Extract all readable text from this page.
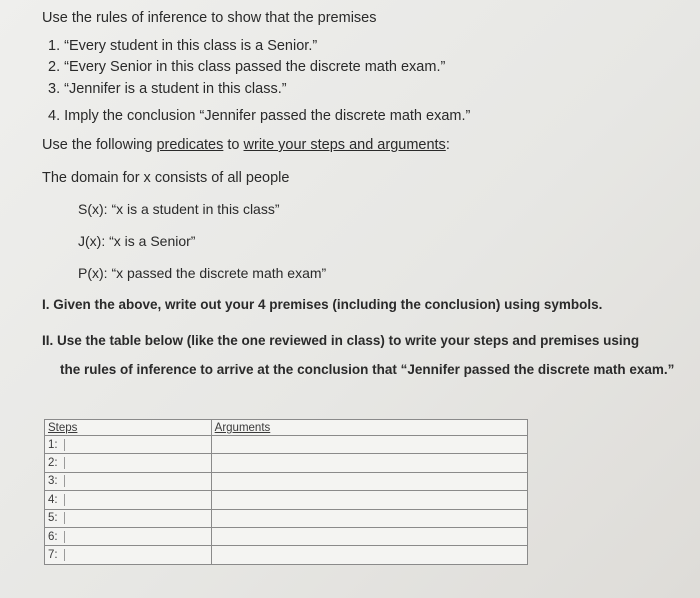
Use the rules of inference to show that the premises
1. “Every student in this class is a Senior.”
2. “Every Senior in this class passed the discrete math exam.”
3. “Jennifer is a student in this class.”
4. Imply the conclusion “Jennifer passed the discrete math exam.”
Use the following predicates to write your steps and arguments:
The domain for x consists of all people
S(x): “x is a student in this class”
J(x): “x is a Senior”
P(x): “x passed the discrete math exam”
I. Given the above, write out your 4 premises (including the conclusion) using symbols.
II. Use the table below (like the one reviewed in class) to write your steps and premises using
the rules of inference to arrive at the conclusion that “Jennifer passed the discrete math exam.”
Steps	Arguments
1:	
2:	
3:	
4:	
5:	
6:	
7:	
